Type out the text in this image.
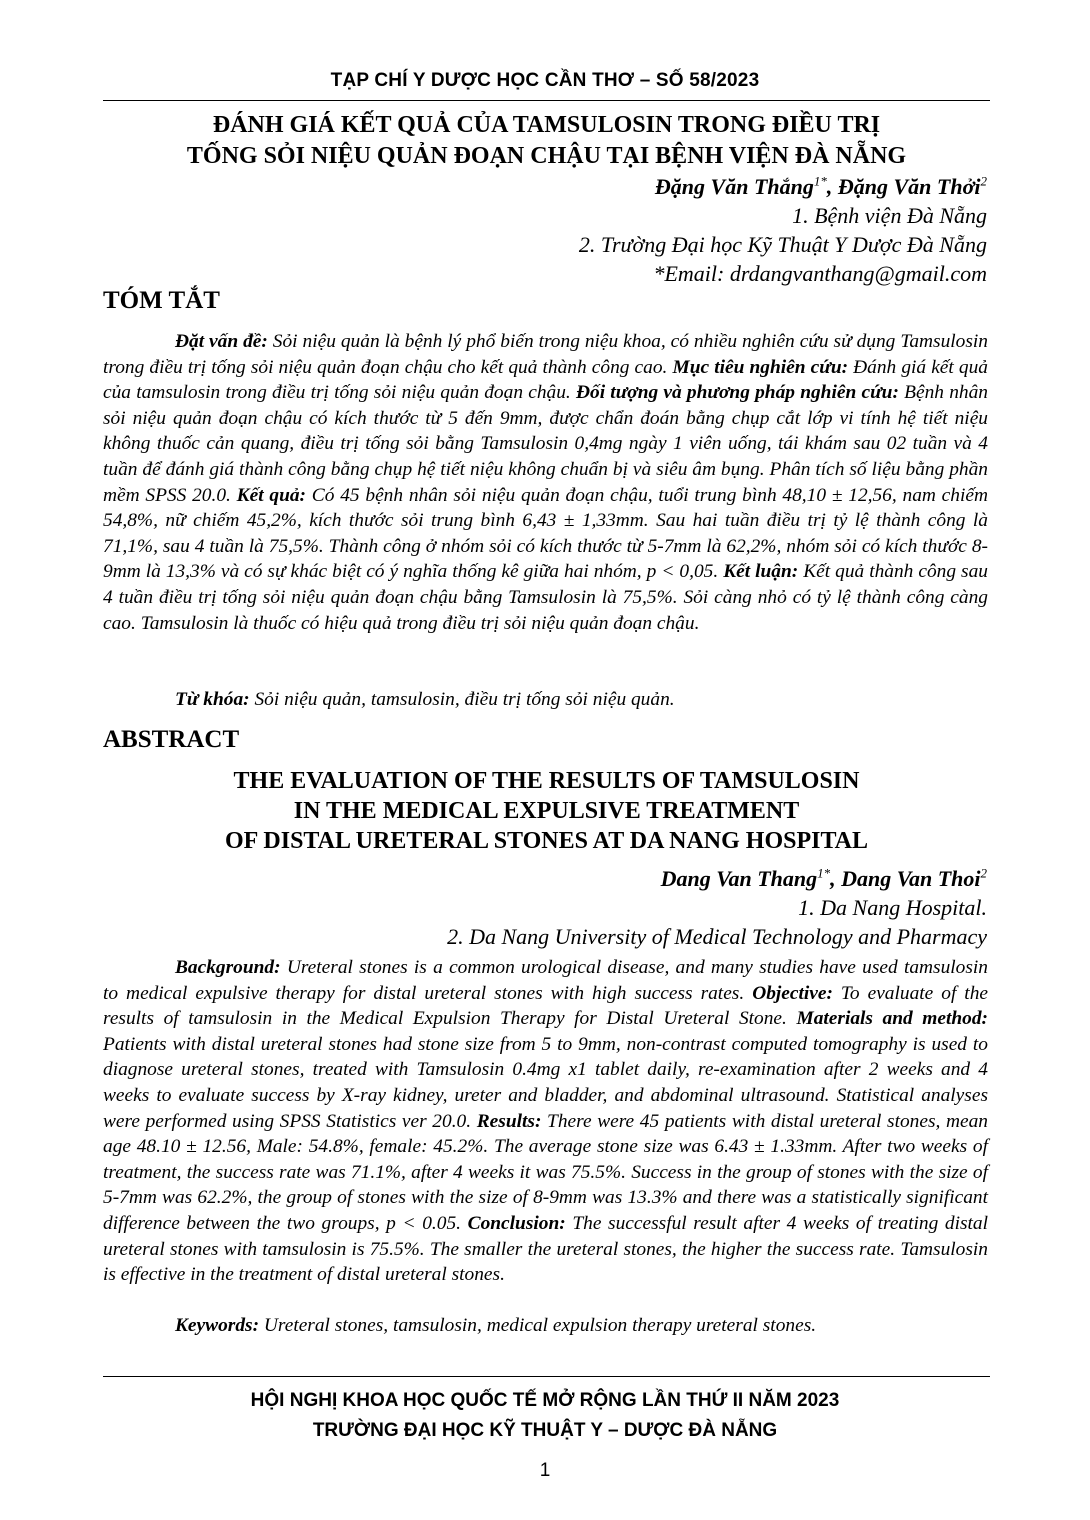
TẠP CHÍ Y DƯỢC HỌC CẦN THƠ – SỐ 58/2023
ĐÁNH GIÁ KẾT QUẢ CỦA TAMSULOSIN TRONG ĐIỀU TRỊ
TỐNG SỎI NIỆU QUẢN ĐOẠN CHẬU TẠI BỆNH VIỆN ĐÀ NẴNG
Đặng Văn Thắng$^{1*}$, Đặng Văn Thởi$^2$
1. Bệnh viện Đà Nẵng
2. Trường Đại học Kỹ Thuật Y Dược Đà Nẵng
*Email: drdangvanthang@gmail.com
TÓM TẮT
Đặt vấn đề: Sỏi niệu quản là bệnh lý phổ biến trong niệu khoa, có nhiều nghiên cứu sử dụng Tamsulosin trong điều trị tống sỏi niệu quản đoạn chậu cho kết quả thành công cao. Mục tiêu nghiên cứu: Đánh giá kết quả của tamsulosin trong điều trị tống sỏi niệu quản đoạn chậu. Đối tượng và phương pháp nghiên cứu: Bệnh nhân sỏi niệu quản đoạn chậu có kích thước từ 5 đến 9mm, được chẩn đoán bằng chụp cắt lớp vi tính hệ tiết niệu không thuốc cản quang, điều trị tống sỏi bằng Tamsulosin 0,4mg ngày 1 viên uống, tái khám sau 02 tuần và 4 tuần để đánh giá thành công bằng chụp hệ tiết niệu không chuẩn bị và siêu âm bụng. Phân tích số liệu bằng phần mềm SPSS 20.0. Kết quả: Có 45 bệnh nhân sỏi niệu quản đoạn chậu, tuổi trung bình 48,10 ± 12,56, nam chiếm 54,8%, nữ chiếm 45,2%, kích thước sỏi trung bình 6,43 ± 1,33mm. Sau hai tuần điều trị tỷ lệ thành công là 71,1%, sau 4 tuần là 75,5%. Thành công ở nhóm sỏi có kích thước từ 5-7mm là 62,2%, nhóm sỏi có kích thước 8-9mm là 13,3% và có sự khác biệt có ý nghĩa thống kê giữa hai nhóm, p < 0,05. Kết luận: Kết quả thành công sau 4 tuần điều trị tống sỏi niệu quản đoạn chậu bằng Tamsulosin là 75,5%. Sỏi càng nhỏ có tỷ lệ thành công càng cao. Tamsulosin là thuốc có hiệu quả trong điều trị sỏi niệu quản đoạn chậu.
Từ khóa: Sỏi niệu quản, tamsulosin, điều trị tống sỏi niệu quản.
ABSTRACT
THE EVALUATION OF THE RESULTS OF TAMSULOSIN
IN THE MEDICAL EXPULSIVE TREATMENT
OF DISTAL URETERAL STONES AT DA NANG HOSPITAL
Dang Van Thang$^{1*}$, Dang Van Thoi$^2$
1. Da Nang Hospital.
2. Da Nang University of Medical Technology and Pharmacy
Background: Ureteral stones is a common urological disease, and many studies have used tamsulosin to medical expulsive therapy for distal ureteral stones with high success rates. Objective: To evaluate of the results of tamsulosin in the Medical Expulsion Therapy for Distal Ureteral Stone. Materials and method: Patients with distal ureteral stones had stone size from 5 to 9mm, non-contrast computed tomography is used to diagnose ureteral stones, treated with Tamsulosin 0.4mg x1 tablet daily, re-examination after 2 weeks and 4 weeks to evaluate success by X-ray kidney, ureter and bladder, and abdominal ultrasound. Statistical analyses were performed using SPSS Statistics ver 20.0. Results: There were 45 patients with distal ureteral stones, mean age 48.10 ± 12.56, Male: 54.8%, female: 45.2%. The average stone size was 6.43 ± 1.33mm. After two weeks of treatment, the success rate was 71.1%, after 4 weeks it was 75.5%. Success in the group of stones with the size of 5-7mm was 62.2%, the group of stones with the size of 8-9mm was 13.3% and there was a statistically significant difference between the two groups, p < 0.05. Conclusion: The successful result after 4 weeks of treating distal ureteral stones with tamsulosin is 75.5%. The smaller the ureteral stones, the higher the success rate. Tamsulosin is effective in the treatment of distal ureteral stones.
Keywords: Ureteral stones, tamsulosin, medical expulsion therapy ureteral stones.
HỘI NGHỊ KHOA HỌC QUỐC TẾ MỞ RỘNG LẦN THỨ II NĂM 2023
TRƯỜNG ĐẠI HỌC KỸ THUẬT Y – DƯỢC ĐÀ NẴNG
1
